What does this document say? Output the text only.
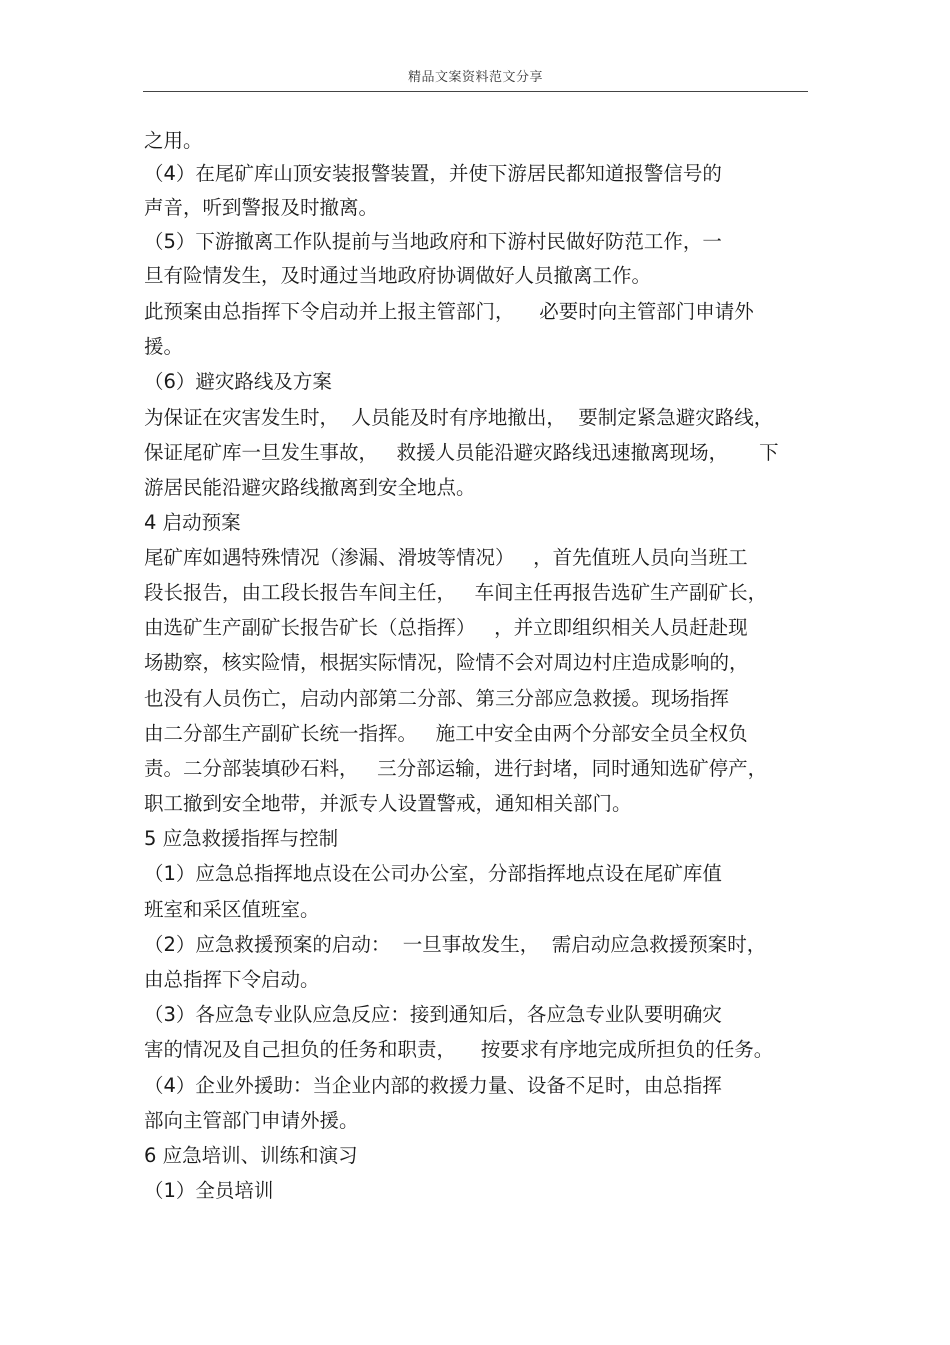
精品文案资料范文分享
之用。
（4）在尾矿库山顶安装报警装置，并使下游居民都知道报警信号的
声音，听到警报及时撤离。
（5）下游撤离工作队提前与当地政府和下游村民做好防范工作，一
旦有险情发生，及时通过当地政府协调做好人员撤离工作。
此预案由总指挥下令启动并上报主管部门，    必要时向主管部门申请外
援。
（6）避灾路线及方案
为保证在灾害发生时，  人员能及时有序地撤出，  要制定紧急避灾路线，
保证尾矿库一旦发生事故，   救援人员能沿避灾路线迅速撤离现场，     下
游居民能沿避灾路线撤离到安全地点。
4 启动预案
尾矿库如遇特殊情况（渗漏、滑坡等情况）   ，首先值班人员向当班工
段长报告，由工段长报告车间主任，   车间主任再报告选矿生产副矿长，
由选矿生产副矿长报告矿长（总指挥）   ，并立即组织相关人员赶赴现
场勘察，核实险情，根据实际情况，险情不会对周边村庄造成影响的，
也没有人员伤亡，启动内部第二分部、第三分部应急救援。现场指挥
由二分部生产副矿长统一指挥。   施工中安全由两个分部安全员全权负
责。二分部装填砂石料，   三分部运输，进行封堵，同时通知选矿停产，
职工撤到安全地带，并派专人设置警戒，通知相关部门。
5 应急救援指挥与控制
（1）应急总指挥地点设在公司办公室，分部指挥地点设在尾矿库值
班室和采区值班室。
（2）应急救援预案的启动：  一旦事故发生，  需启动应急救援预案时，
由总指挥下令启动。
（3）各应急专业队应急反应：接到通知后，各应急专业队要明确灾
害的情况及自己担负的任务和职责，    按要求有序地完成所担负的任务。
（4）企业外援助：当企业内部的救援力量、设备不足时，由总指挥
部向主管部门申请外援。
6 应急培训、训练和演习
（1）全员培训
